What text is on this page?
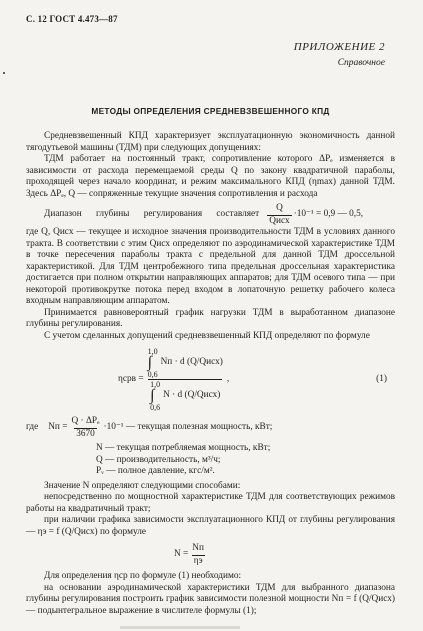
С. 12 ГОСТ 4.473—87
ПРИЛОЖЕНИЕ 2
Справочное
МЕТОДЫ ОПРЕДЕЛЕНИЯ СРЕДНЕВЗВЕШЕННОГО КПД

Средневзвешенный КПД характеризует эксплуатационную экономичность данной тягодутьевой машины (ТДМ) при следующих допущениях:

ТДМ работает на постоянный тракт, сопротивление которого ΔPₑ изменяется в зависимости от расхода перемещаемой среды Q по закону квадратичной параболы, проходящей через начало координат, и режим максимального КПД (ηmax) данной ТДМ. Здесь ΔPₑ, Q — сопряженные текущие значения сопротивления и расхода

Диапазон глубины регулирования составляет $\frac{Q}{\text{Qисх}} \cdot 10^{-1} = 0,9$ — 0,5,

где Q, Qисх — текущее и исходное значения производительности ТДМ в условиях данного тракта. В соответствии с этим Qисх определяют по аэродинамической характеристике ТДМ в точке пересечения параболы тракта с предельной для данной ТДМ дроссельной характеристикой. Для ТДМ центробежного типа предельная дроссельная характеристика достигается при полном открытии направляющих аппаратов; для ТДМ осевого типа — при некоторой противокрутке потока перед входом в лопаточную решетку рабочего колеса входным направляющим аппаратом.

Принимается равновероятный график нагрузки ТДМ в выработанном диапазоне глубины регулирования.

С учетом сделанных допущений средневзвешенный КПД определяют по формуле

ηсрв =
1,0
∫
0,6
Nп · d (Q/Qисх)
1,0
∫
0,6
N · d (Q/Qисх)
,	(1)
где Nп = $\frac{\text{Q · ΔPₑ}}{3670} \cdot 10^{-1}$ — текущая полезная мощность, кВт;
N — текущая потребляемая мощность, кВт;
Q — производительность, м³/ч;
Pᵥ — полное давление, кгс/м².

Значение N определяют следующими способами:

непосредственно по мощностной характеристике ТДМ для соответствующих режимов работы на квадратичный тракт;

при наличии графика зависимости эксплуатационного КПД от глубины регулирования — ηэ = f (Q/Qисх) по формуле

$N = \frac{Nп}{\eta э}$

Для определения ηср по формуле (1) необходимо:

на основании аэродинамической характеристики ТДМ для выбранного диапазона глубины регулирования построить график зависимости полезной мощности Nп = f (Q/Qисх) — подынтегральное выражение в числителе формулы (1);
